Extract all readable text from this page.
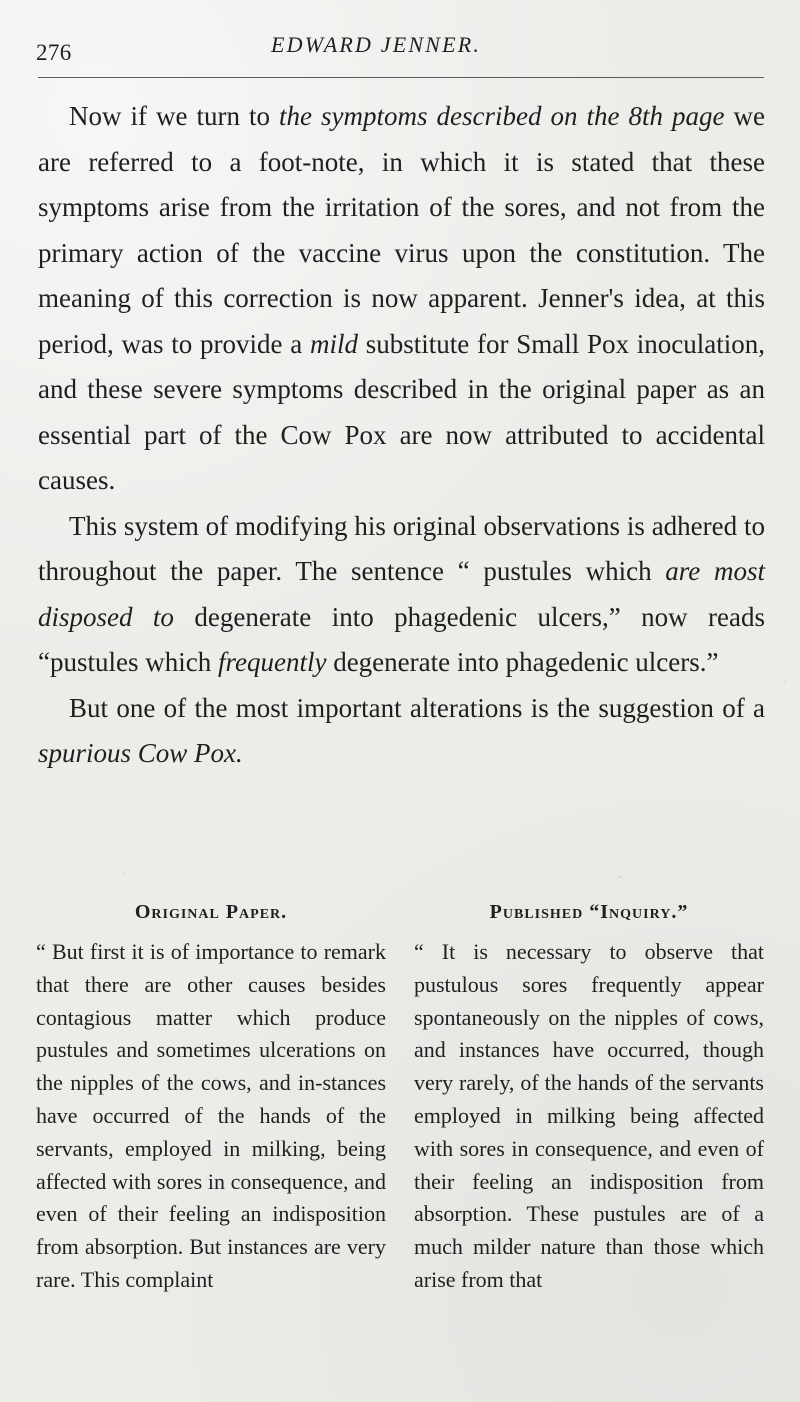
276	EDWARD JENNER.

Now if we turn to the symptoms described on the 8th page we are referred to a foot-note, in which it is stated that these symptoms arise from the irritation of the sores, and not from the primary action of the vaccine virus upon the constitution. The meaning of this correction is now apparent. Jenner's idea, at this period, was to provide a mild substitute for Small Pox inoculation, and these severe symptoms described in the original paper as an essential part of the Cow Pox are now attributed to accidental causes.

This system of modifying his original observations is adhered to throughout the paper. The sentence “ pustules which are most disposed to degenerate into phagedenic ulcers,” now reads “pustules which frequently degenerate into phagedenic ulcers.”

But one of the most important alterations is the suggestion of a spurious Cow Pox.

Original Paper.

“ But first it is of importance to remark that there are other causes besides contagious matter which produce pustules and sometimes ulcerations on the nipples of the cows, and in-stances have occurred of the hands of the servants, employed in milking, being affected with sores in consequence, and even of their feeling an indisposition from absorption. But instances are very rare. This complaint

Published “Inquiry.”

“ It is necessary to observe that pustulous sores frequently appear spontaneously on the nipples of cows, and instances have occurred, though very rarely, of the hands of the servants employed in milking being affected with sores in consequence, and even of their feeling an indisposition from absorption. These pustules are of a much milder nature than those which arise from that
